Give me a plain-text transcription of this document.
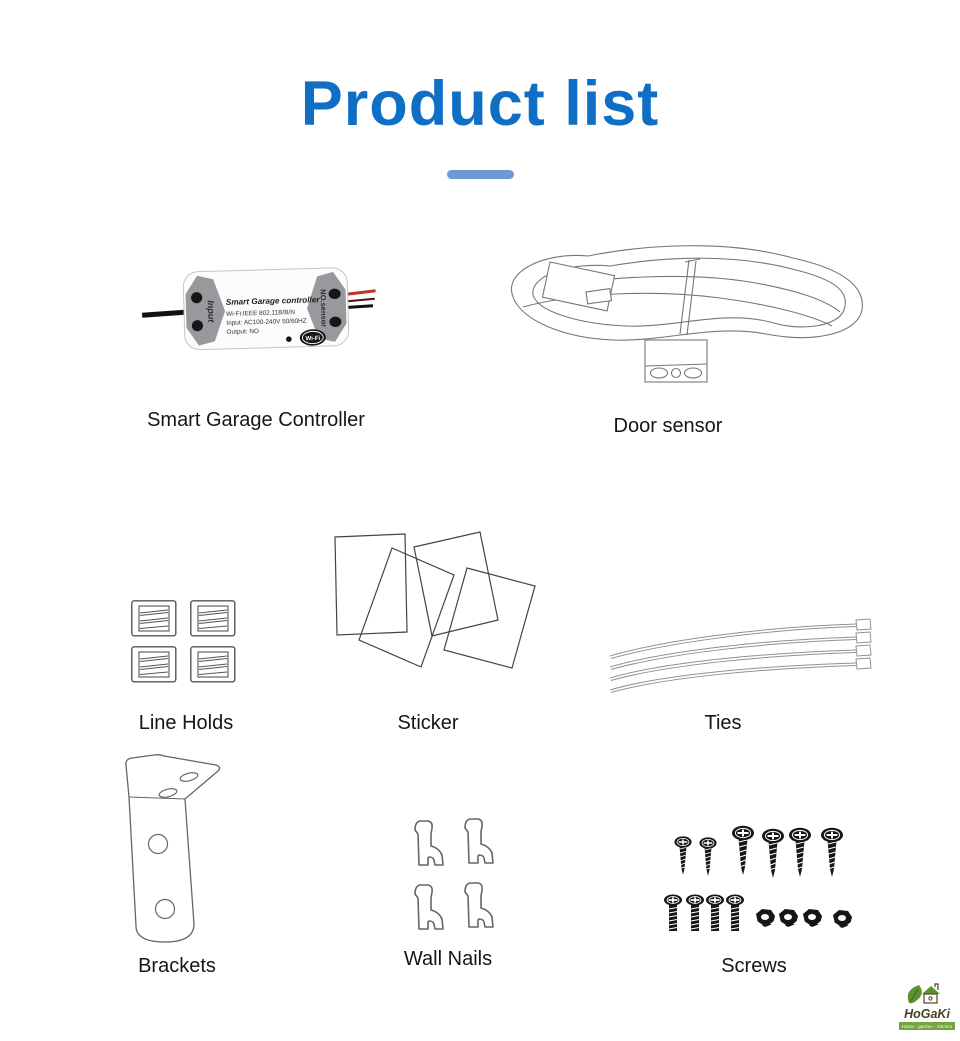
Product list
Input	NO.sensor
Smart Garage controller
Wi-Fi:IEEE 802.11B/B/N
Input: AC100-240V 50/60HZ
Output: NO
Wi-Fi
Smart Garage Controller	Door sensor
Line Holds	Sticker	Ties
Brackets	Wall Nails	Screws
HoGaKi
Home - garden - kitchen
